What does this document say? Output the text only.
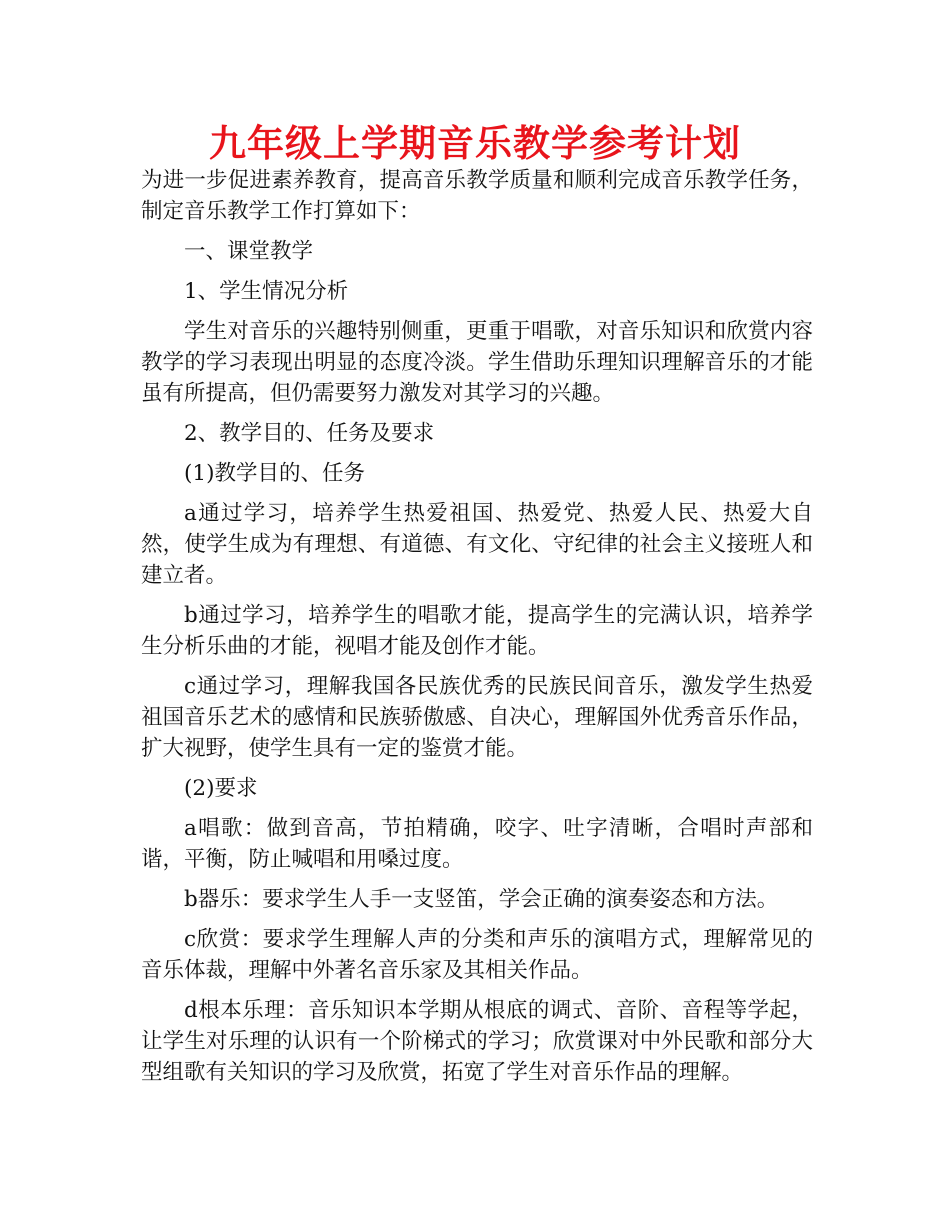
九年级上学期音乐教学参考计划

为进一步促进素养教育，提高音乐教学质量和顺利完成音乐教学任务，制定音乐教学工作打算如下：

一、课堂教学

1、学生情况分析

学生对音乐的兴趣特别侧重，更重于唱歌，对音乐知识和欣赏内容教学的学习表现出明显的态度冷淡。学生借助乐理知识理解音乐的才能虽有所提高，但仍需要努力激发对其学习的兴趣。

2、教学目的、任务及要求

(1)教学目的、任务

a通过学习，培养学生热爱祖国、热爱党、热爱人民、热爱大自然，使学生成为有理想、有道德、有文化、守纪律的社会主义接班人和建立者。

b通过学习，培养学生的唱歌才能，提高学生的完满认识，培养学生分析乐曲的才能，视唱才能及创作才能。

c通过学习，理解我国各民族优秀的民族民间音乐，激发学生热爱祖国音乐艺术的感情和民族骄傲感、自决心，理解国外优秀音乐作品，扩大视野，使学生具有一定的鉴赏才能。

(2)要求

a唱歌：做到音高，节拍精确，咬字、吐字清晰，合唱时声部和谐，平衡，防止喊唱和用嗓过度。

b器乐：要求学生人手一支竖笛，学会正确的演奏姿态和方法。

c欣赏：要求学生理解人声的分类和声乐的演唱方式，理解常见的音乐体裁，理解中外著名音乐家及其相关作品。

d根本乐理：音乐知识本学期从根底的调式、音阶、音程等学起，让学生对乐理的认识有一个阶梯式的学习；欣赏课对中外民歌和部分大型组歌有关知识的学习及欣赏，拓宽了学生对音乐作品的理解。
